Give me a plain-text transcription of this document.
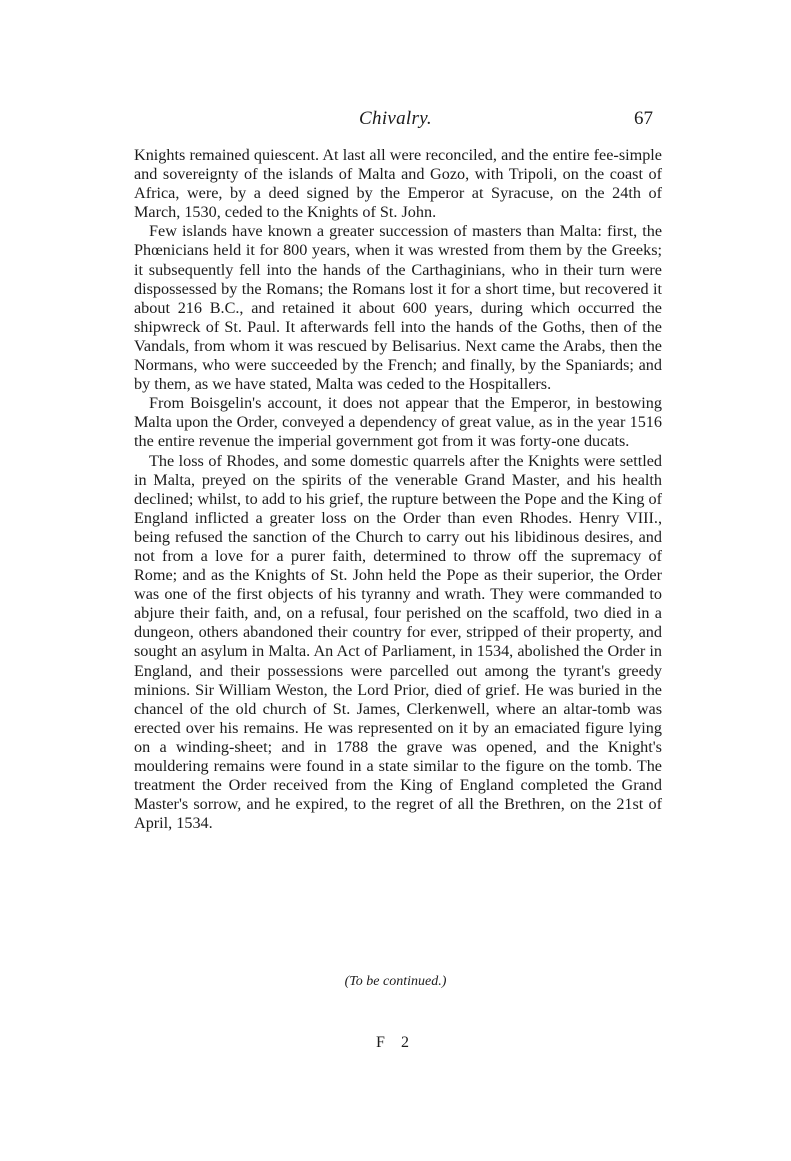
Chivalry.	67

Knights remained quiescent. At last all were reconciled, and the entire fee-simple and sovereignty of the islands of Malta and Gozo, with Tripoli, on the coast of Africa, were, by a deed signed by the Emperor at Syracuse, on the 24th of March, 1530, ceded to the Knights of St. John.

Few islands have known a greater succession of masters than Malta: first, the Phœnicians held it for 800 years, when it was wrested from them by the Greeks; it subsequently fell into the hands of the Carthaginians, who in their turn were dispossessed by the Romans; the Romans lost it for a short time, but recovered it about 216 B.C., and retained it about 600 years, during which occurred the shipwreck of St. Paul. It afterwards fell into the hands of the Goths, then of the Vandals, from whom it was rescued by Belisarius. Next came the Arabs, then the Normans, who were succeeded by the French; and finally, by the Spaniards; and by them, as we have stated, Malta was ceded to the Hospitallers.

From Boisgelin's account, it does not appear that the Emperor, in bestowing Malta upon the Order, conveyed a dependency of great value, as in the year 1516 the entire revenue the imperial government got from it was forty-one ducats.

The loss of Rhodes, and some domestic quarrels after the Knights were settled in Malta, preyed on the spirits of the venerable Grand Master, and his health declined; whilst, to add to his grief, the rupture between the Pope and the King of England inflicted a greater loss on the Order than even Rhodes. Henry VIII., being refused the sanction of the Church to carry out his libidinous desires, and not from a love for a purer faith, determined to throw off the supremacy of Rome; and as the Knights of St. John held the Pope as their superior, the Order was one of the first objects of his tyranny and wrath. They were commanded to abjure their faith, and, on a refusal, four perished on the scaffold, two died in a dungeon, others abandoned their country for ever, stripped of their property, and sought an asylum in Malta. An Act of Parliament, in 1534, abolished the Order in England, and their possessions were parcelled out among the tyrant's greedy minions. Sir William Weston, the Lord Prior, died of grief. He was buried in the chancel of the old church of St. James, Clerkenwell, where an altar-tomb was erected over his remains. He was represented on it by an emaciated figure lying on a winding-sheet; and in 1788 the grave was opened, and the Knight's mouldering remains were found in a state similar to the figure on the tomb. The treatment the Order received from the King of England completed the Grand Master's sorrow, and he expired, to the regret of all the Brethren, on the 21st of April, 1534.

(To be continued.)
F 2
